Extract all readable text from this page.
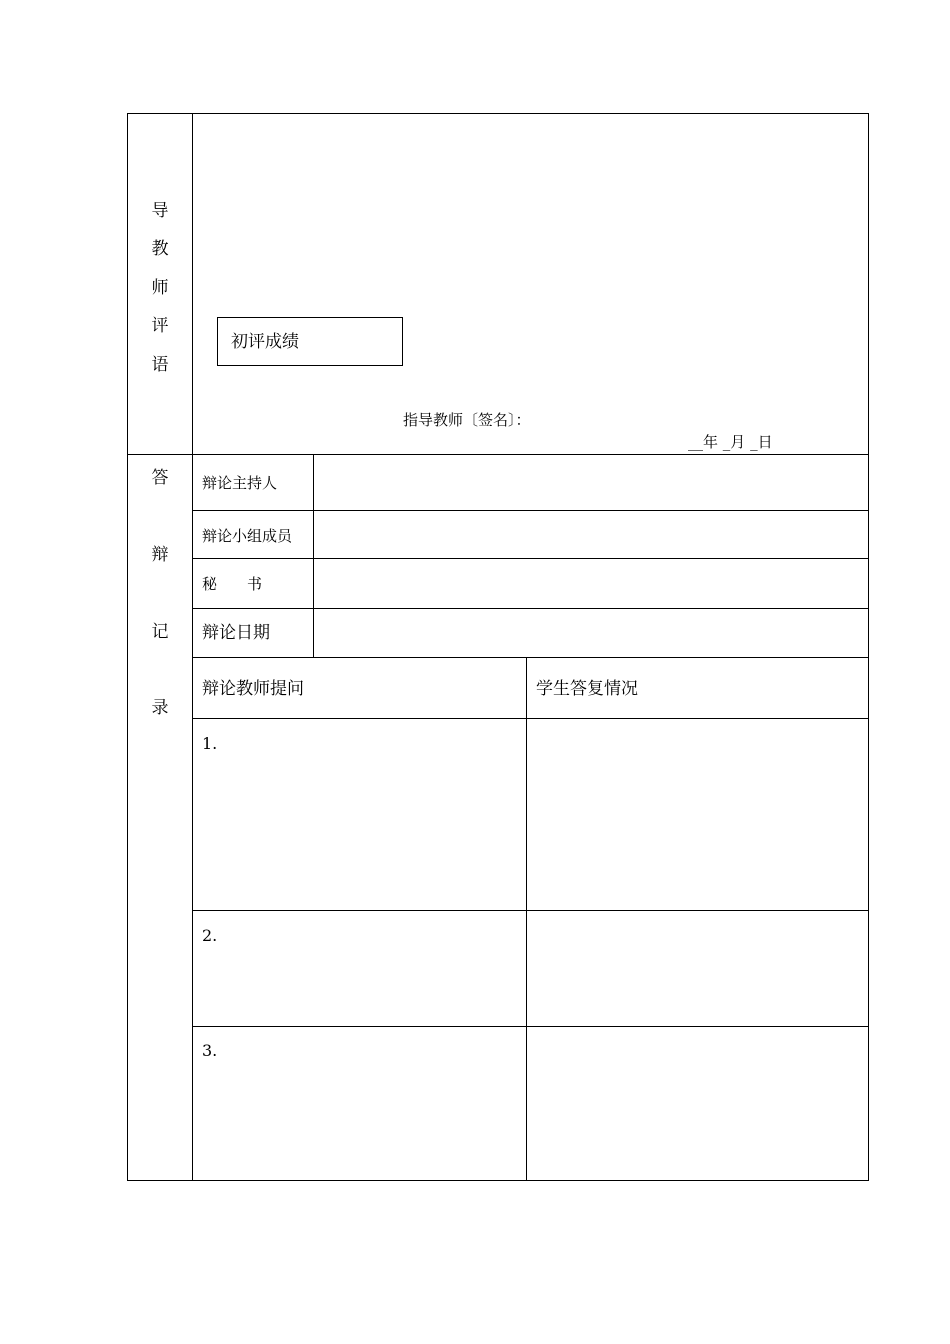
导
教
师
评
语
初评成绩
指导教师〔签名〕：
__年 _月 _日
答
辩
记
录
辩论主持人
辩论小组成员
秘　　书
辩论日期
辩论教师提问	学生答复情况
1.
2.
3.
